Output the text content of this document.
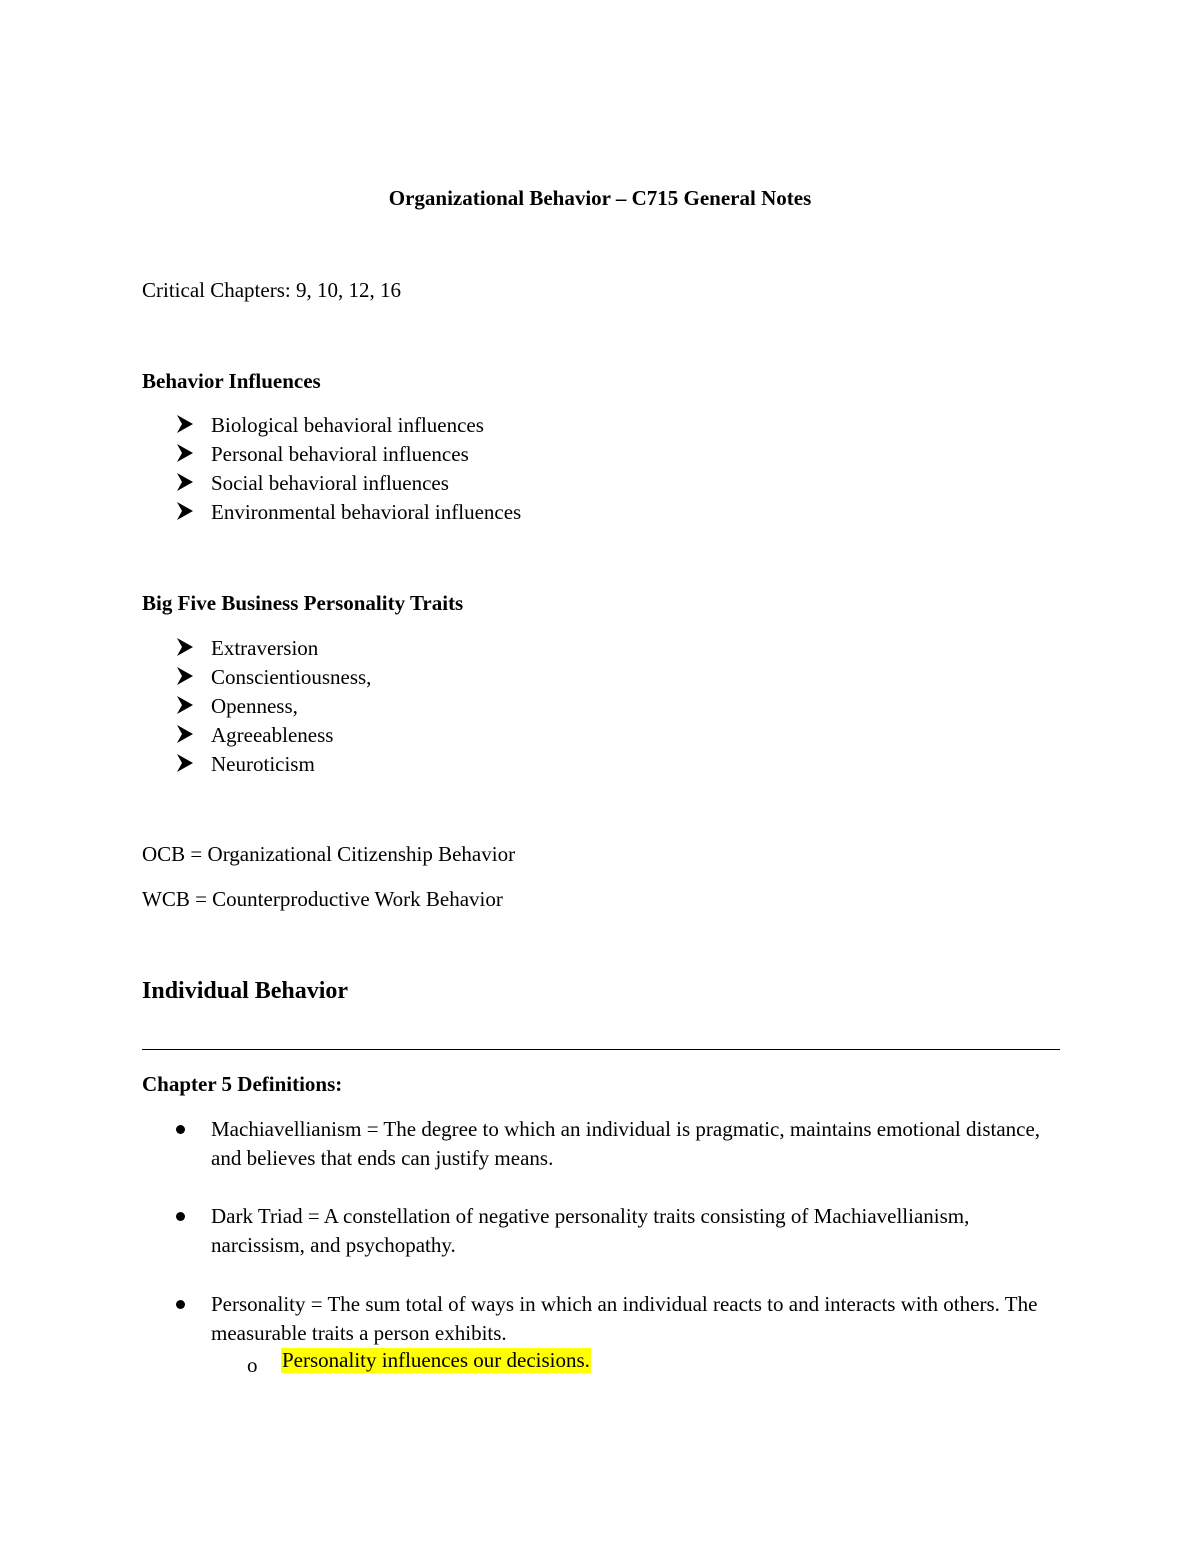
Organizational Behavior – C715 General Notes
Critical Chapters: 9, 10, 12, 16
Behavior Influences
Biological behavioral influences
Personal behavioral influences
Social behavioral influences
Environmental behavioral influences
Big Five Business Personality Traits
Extraversion
Conscientiousness,
Openness,
Agreeableness
Neuroticism
OCB = Organizational Citizenship Behavior
WCB = Counterproductive Work Behavior
Individual Behavior
Chapter 5 Definitions:
Machiavellianism = The degree to which an individual is pragmatic, maintains emotional distance, and believes that ends can justify means.
Dark Triad = A constellation of negative personality traits consisting of Machiavellianism, narcissism, and psychopathy.
Personality = The sum total of ways in which an individual reacts to and interacts with others. The measurable traits a person exhibits.
o Personality influences our decisions.
